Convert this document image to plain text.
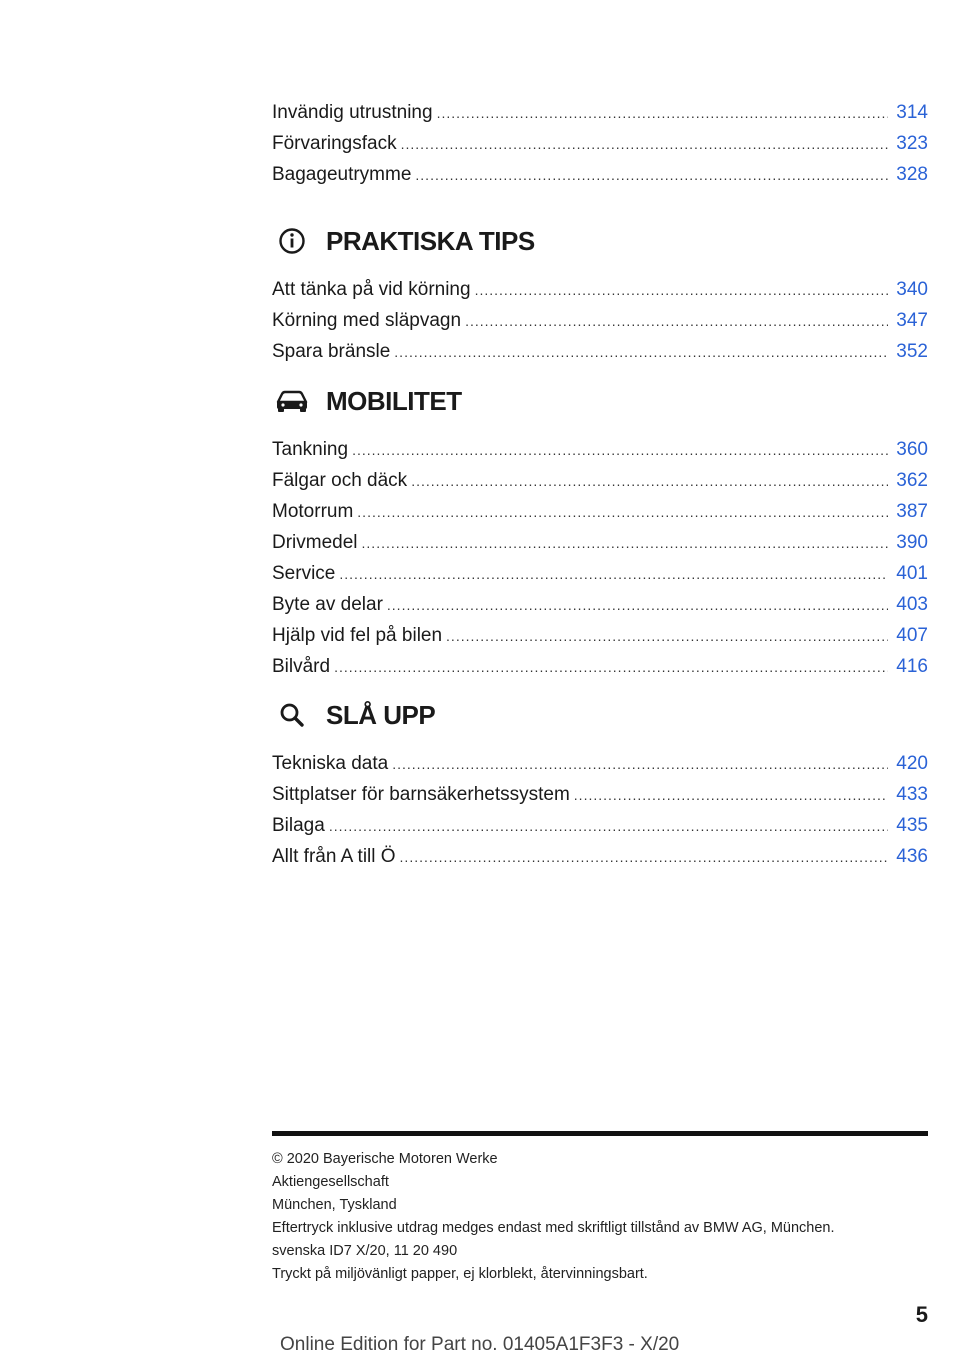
Invändig utrustning .....	314
Förvaringsfack .....	323
Bagageutrymme .....	328
PRAKTISKA TIPS
Att tänka på vid körning .....	340
Körning med släpvagn .....	347
Spara bränsle .....	352
MOBILITET
Tankning .....	360
Fälgar och däck .....	362
Motorrum .....	387
Drivmedel .....	390
Service .....	401
Byte av delar .....	403
Hjälp vid fel på bilen .....	407
Bilvård .....	416
SLÅ UPP
Tekniska data .....	420
Sittplatser för barnsäkerhetssystem .....	433
Bilaga .....	435
Allt från A till Ö .....	436
© 2020 Bayerische Motoren Werke
Aktiengesellschaft
München, Tyskland
Eftertryck inklusive utdrag medges endast med skriftligt tillstånd av BMW AG, München.
svenska ID7 X/20, 11 20 490
Tryckt på miljövänligt papper, ej klorblekt, återvinningsbart.
5
Online Edition for Part no. 01405A1F3F3 - X/20
